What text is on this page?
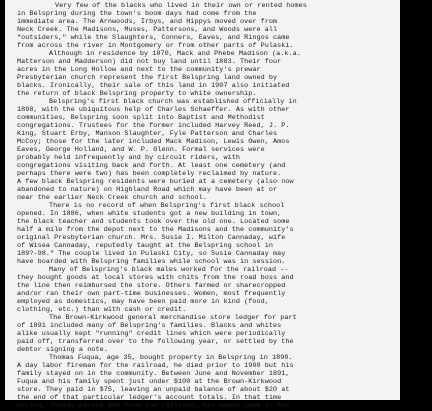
Very few of the blacks who lived in their own or rented homes
in Belspring during the town's boom days had come from the
immediate area. The Arnwoods, Irbys, and Hippys moved over from
Neck Creek. The Madisons, Muses, Pattersons, and Woods were all
"outsiders," while the Slaughters, Conners, Eaves, and Ringos came
from across the river in Montgomery or from other parts of Pulaski.
Although in residence by 1870, Mack and Phebe Madison (a.k.a.
Matterson and Madderson) did not buy land until 1883. Their four
acres in the Long Hollow and next to the community's prewar
Presbyterian church represent the first Belspring land owned by
blacks. Ironically, their sale of this land in 1907 also initiated
the return of black Belspring property to white ownership.
Belspring's first black church was established officially in
1898, with the ubiquitous help of Charles Schaeffer. As with other
communities, Belspring soon split into Baptist and Methodist
congregations. Trustees for the former included Harvey Reed, J. P.
King, Stuart Erby, Manson Slaughter, Fyle Patterson and Charles
McCoy; those for the later included Mack Madison, Lewis Owen, Amos
Eaves, George Holland, and W. P. Glenn. Formal services were
probably held infrequently and by circuit riders, with
congregations visiting back and forth. At least one cemetery (and
perhaps there were two) has been completely reclaimed by nature.
A few black Belspring residents were buried at a cemetery (also now
abandoned to nature) on Highland Road which may have been at or
near the earlier Neck Creek church and school.
There is no record of when Belspring's first black school
opened. In 1886, when white students got a new building in town,
the black teacher and students took over the old one. Located some
half a mile from the depot next to the Madisons and the community's
original Presbyterian church. Mrs. Susie I. Milton Cannaday, wife
of Wisea Cannaday, reputedly taught at the Belspring school in
189?-98." The couple lived in Pulaski City, so Susie Cannaday may
have boarded with Belspring families while school was in session.
Many of Belspring's black males worked for the railroad --
they bought goods at local stores with chits from the road boss and
the line then reimbursed the store. Others farmed or sharecropped
and/or ran their own part-time businesses. Women, most frequently
employed as domestics, may have been paid more in kind (food,
clothing, etc.) than with cash or credit.
The Brown-Kirkwood general merchandise store ledger for part
of 1891 included many of Belspring's families. Blacks and whites
alike usually kept "running" credit lines which were periodically
paid off, transferred over to the following year, or settled by the
debtor signing a note.
Thomas Fuqua, age 35, bought property in Belspring in 1890.
A day labor fireman for the railroad, he died prior to 1900 but his
family stayed on in the community. Between June and November 1891,
Fuqua and his family spent just under $100 at the Brown-Kirkwood
store. They paid in $75, leaving an unpaid balance of about $20 at
the end of that particular ledger's account totals. In that time
period, Thomas earned $80 from the railroad. His wages came in the
